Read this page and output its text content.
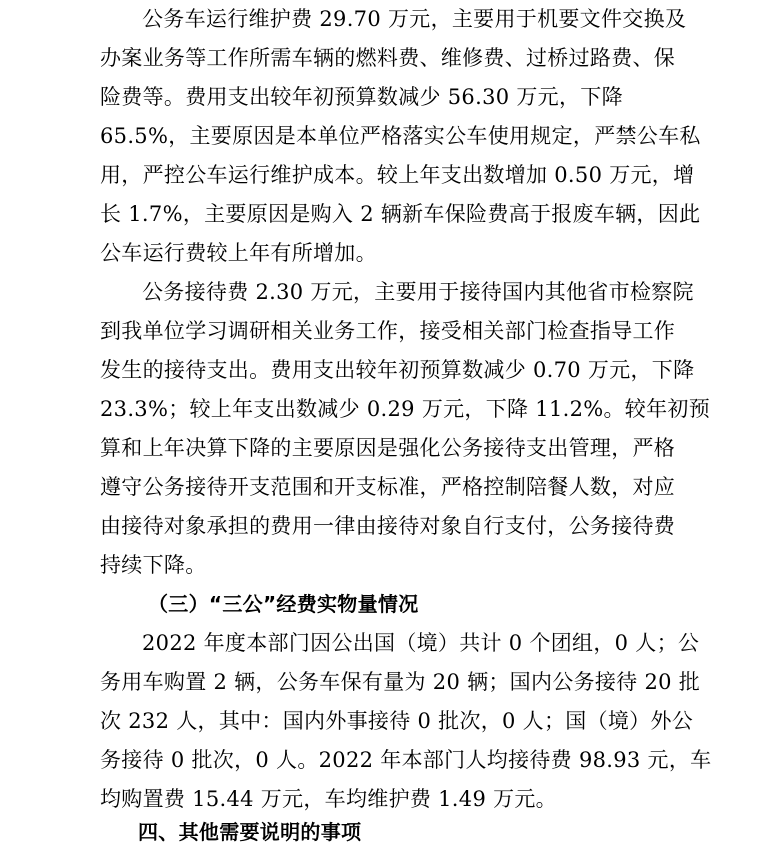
公务车运行维护费 29.70 万元，主要用于机要文件交换及
办案业务等工作所需车辆的燃料费、维修费、过桥过路费、保
险费等。费用支出较年初预算数减少 56.30 万元，下降
65.5%，主要原因是本单位严格落实公车使用规定，严禁公车私
用，严控公车运行维护成本。较上年支出数增加 0.50 万元，增
长 1.7%，主要原因是购入 2 辆新车保险费高于报废车辆，因此
公车运行费较上年有所增加。
公务接待费 2.30 万元，主要用于接待国内其他省市检察院
到我单位学习调研相关业务工作，接受相关部门检查指导工作
发生的接待支出。费用支出较年初预算数减少 0.70 万元，下降
23.3%；较上年支出数减少 0.29 万元，下降 11.2%。较年初预
算和上年决算下降的主要原因是强化公务接待支出管理，严格
遵守公务接待开支范围和开支标准，严格控制陪餐人数，对应
由接待对象承担的费用一律由接待对象自行支付，公务接待费
持续下降。
（三）“三公”经费实物量情况
2022 年度本部门因公出国（境）共计 0 个团组，0 人；公
务用车购置 2 辆，公务车保有量为 20 辆；国内公务接待 20 批
次 232 人，其中：国内外事接待 0 批次，0 人；国（境）外公
务接待 0 批次，0 人。2022 年本部门人均接待费 98.93 元，车
均购置费 15.44 万元，车均维护费 1.49 万元。
四、其他需要说明的事项
